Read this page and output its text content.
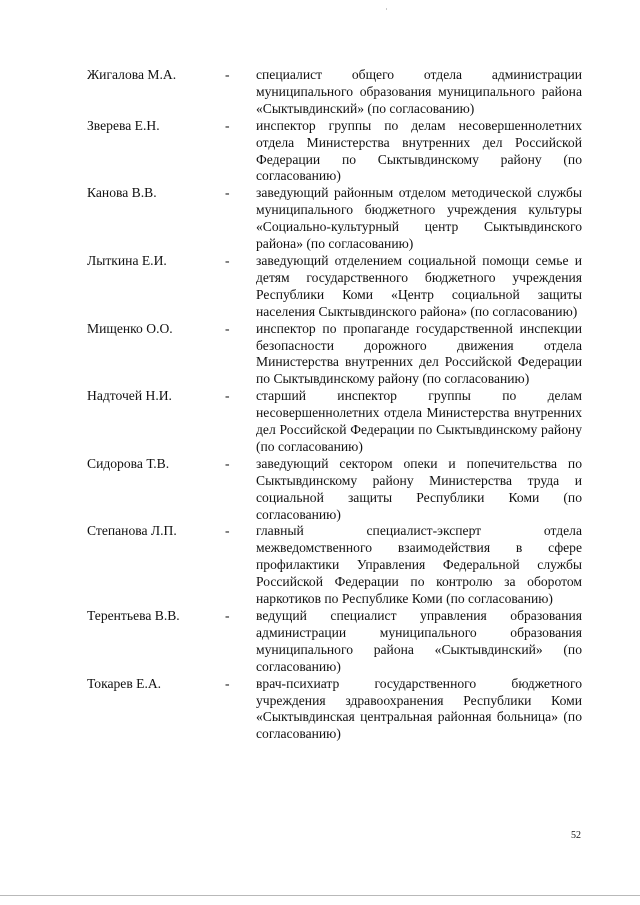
Жигалова М.А.	-	специалист общего отдела администрации муниципального образования муниципального района «Сыктывдинский» (по согласованию)
Зверева Е.Н.	-	инспектор группы по делам несовершеннолетних отдела Министерства внутренних дел Российской Федерации по Сыктывдинскому району (по согласованию)
Канова В.В.	-	заведующий районным отделом методической службы муниципального бюджетного учреждения культуры «Социально-культурный центр Сыктывдинского района» (по согласованию)
Лыткина Е.И.	-	заведующий отделением социальной помощи семье и детям государственного бюджетного учреждения Республики Коми «Центр социальной защиты населения Сыктывдинского района» (по согласованию)
Мищенко О.О.	-	инспектор по пропаганде государственной инспекции безопасности дорожного движения отдела Министерства внутренних дел Российской Федерации по Сыктывдинскому району (по согласованию)
Надточей Н.И.	-	старший инспектор группы по делам несовершеннолетних отдела Министерства внутренних дел Российской Федерации по Сыктывдинскому району (по согласованию)
Сидорова Т.В.	-	заведующий сектором опеки и попечительства по Сыктывдинскому району Министерства труда и социальной защиты Республики Коми (по согласованию)
Степанова Л.П.	-	главный специалист-эксперт отдела межведомственного взаимодействия в сфере профилактики Управления Федеральной службы Российской Федерации по контролю за оборотом наркотиков по Республике Коми (по согласованию)
Терентьева В.В.	-	ведущий специалист управления образования администрации муниципального образования муниципального района «Сыктывдинский» (по согласованию)
Токарев Е.А.	-	врач-психиатр государственного бюджетного учреждения здравоохранения Республики Коми «Сыктывдинская центральная районная больница» (по согласованию)
52
